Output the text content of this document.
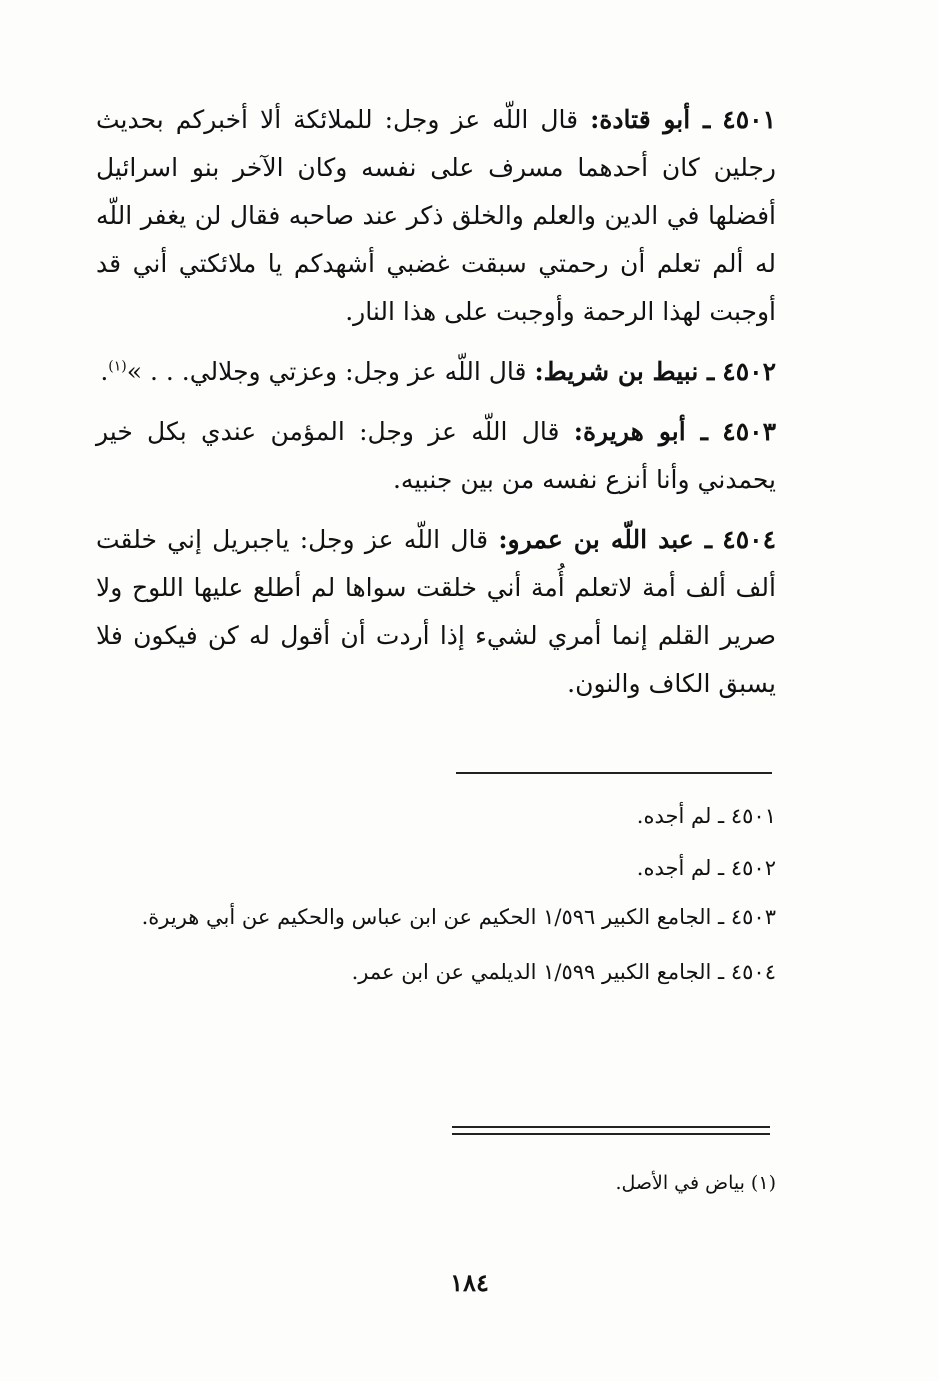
٤٥٠١ ـ أبو قتادة: قال اللّه عز وجل: للملائكة ألا أخبركم بحديث رجلين كان أحدهما مسرف على نفسه وكان الآخر بنو اسرائيل أفضلها في الدين والعلم والخلق ذكر عند صاحبه فقال لن يغفر اللّه له ألم تعلم أن رحمتي سبقت غضبي أشهدكم يا ملائكتي أني قد أوجبت لهذا الرحمة وأوجبت على هذا النار.

٤٥٠٢ ـ نبيط بن شريط: قال اللّه عز وجل: وعزتي وجلالي. . . »$^{(١)}$.

٤٥٠٣ ـ أبو هريرة: قال اللّه عز وجل: المؤمن عندي بكل خير يحمدني وأنا أنزع نفسه من بين جنبيه.

٤٥٠٤ ـ عبد اللّه بن عمرو: قال اللّه عز وجل: ياجبريل إني خلقت ألف ألف أمة لاتعلم أُمة أني خلقت سواها لم أطلع عليها اللوح ولا صرير القلم إنما أمري لشيء إذا أردت أن أقول له كن فيكون فلا يسبق الكاف والنون.

٤٥٠١ ـ لم أجده.

٤٥٠٢ ـ لم أجده.

٤٥٠٣ ـ الجامع الكبير ١/٥٩٦ الحكيم عن ابن عباس والحكيم عن أبي هريرة.

٤٥٠٤ ـ الجامع الكبير ١/٥٩٩ الديلمي عن ابن عمر.

(١) بياض في الأصل.
١٨٤
